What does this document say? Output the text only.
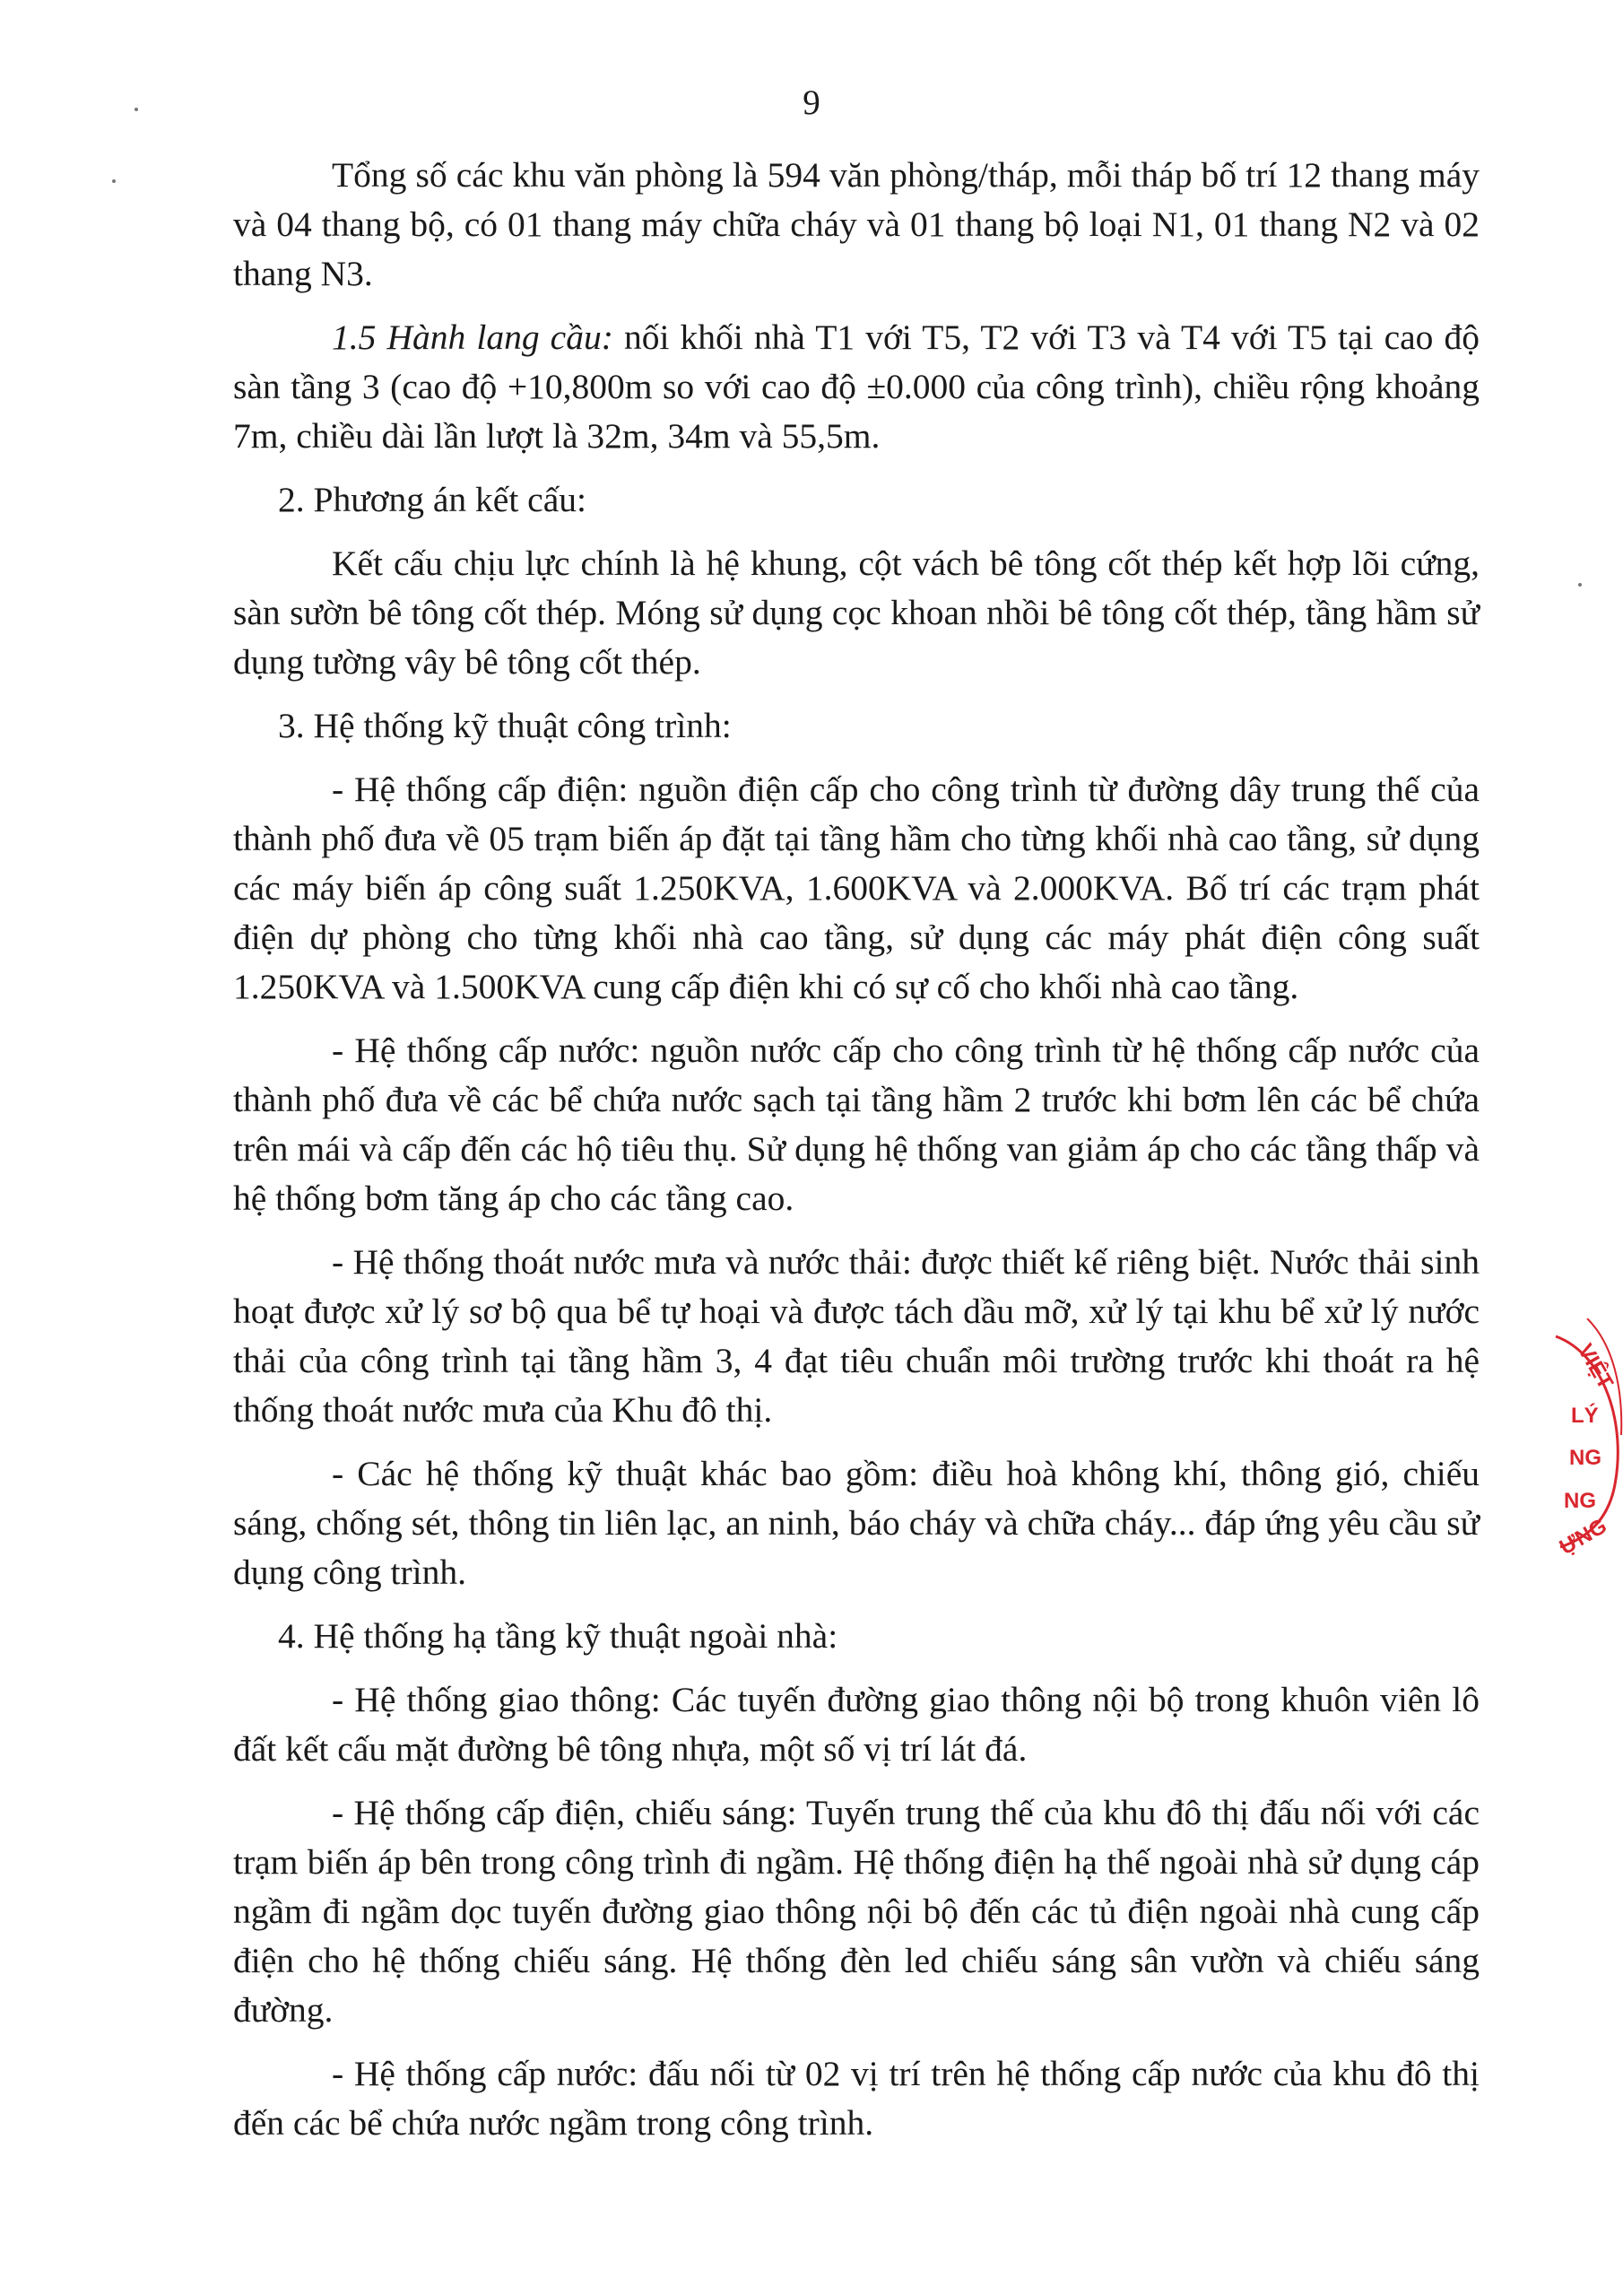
9

Tổng số các khu văn phòng là 594 văn phòng/tháp, mỗi tháp bố trí 12 thang máy và 04 thang bộ, có 01 thang máy chữa cháy và 01 thang bộ loại N1, 01 thang N2 và 02 thang N3.

1.5 Hành lang cầu: nối khối nhà T1 với T5, T2 với T3 và T4 với T5 tại cao độ sàn tầng 3 (cao độ +10,800m so với cao độ ±0.000 của công trình), chiều rộng khoảng 7m, chiều dài lần lượt là 32m, 34m và 55,5m.

2. Phương án kết cấu:

Kết cấu chịu lực chính là hệ khung, cột vách bê tông cốt thép kết hợp lõi cứng, sàn sườn bê tông cốt thép. Móng sử dụng cọc khoan nhồi bê tông cốt thép, tầng hầm sử dụng tường vây bê tông cốt thép.

3. Hệ thống kỹ thuật công trình:

- Hệ thống cấp điện: nguồn điện cấp cho công trình từ đường dây trung thế của thành phố đưa về 05 trạm biến áp đặt tại tầng hầm cho từng khối nhà cao tầng, sử dụng các máy biến áp công suất 1.250KVA, 1.600KVA và 2.000KVA. Bố trí các trạm phát điện dự phòng cho từng khối nhà cao tầng, sử dụng các máy phát điện công suất 1.250KVA và 1.500KVA cung cấp điện khi có sự cố cho khối nhà cao tầng.

- Hệ thống cấp nước: nguồn nước cấp cho công trình từ hệ thống cấp nước của thành phố đưa về các bể chứa nước sạch tại tầng hầm 2 trước khi bơm lên các bể chứa trên mái và cấp đến các hộ tiêu thụ. Sử dụng hệ thống van giảm áp cho các tầng thấp và hệ thống bơm tăng áp cho các tầng cao.

- Hệ thống thoát nước mưa và nước thải: được thiết kế riêng biệt. Nước thải sinh hoạt được xử lý sơ bộ qua bể tự hoại và được tách dầu mỡ, xử lý tại khu bể xử lý nước thải của công trình tại tầng hầm 3, 4 đạt tiêu chuẩn môi trường trước khi thoát ra hệ thống thoát nước mưa của Khu đô thị.

- Các hệ thống kỹ thuật khác bao gồm: điều hoà không khí, thông gió, chiếu sáng, chống sét, thông tin liên lạc, an ninh, báo cháy và chữa cháy... đáp ứng yêu cầu sử dụng công trình.

4. Hệ thống hạ tầng kỹ thuật ngoài nhà:

- Hệ thống giao thông: Các tuyến đường giao thông nội bộ trong khuôn viên lô đất kết cấu mặt đường bê tông nhựa, một số vị trí lát đá.

- Hệ thống cấp điện, chiếu sáng: Tuyến trung thế của khu đô thị đấu nối với các trạm biến áp bên trong công trình đi ngầm. Hệ thống điện hạ thế ngoài nhà sử dụng cáp ngầm đi ngầm dọc tuyến đường giao thông nội bộ đến các tủ điện ngoài nhà cung cấp điện cho hệ thống chiếu sáng. Hệ thống đèn led chiếu sáng sân vườn và chiếu sáng đường.

- Hệ thống cấp nước: đấu nối từ 02 vị trí trên hệ thống cấp nước của khu đô thị đến các bể chứa nước ngầm trong công trình.

VIỆT
LÝ
NG
NG
ỰNG
